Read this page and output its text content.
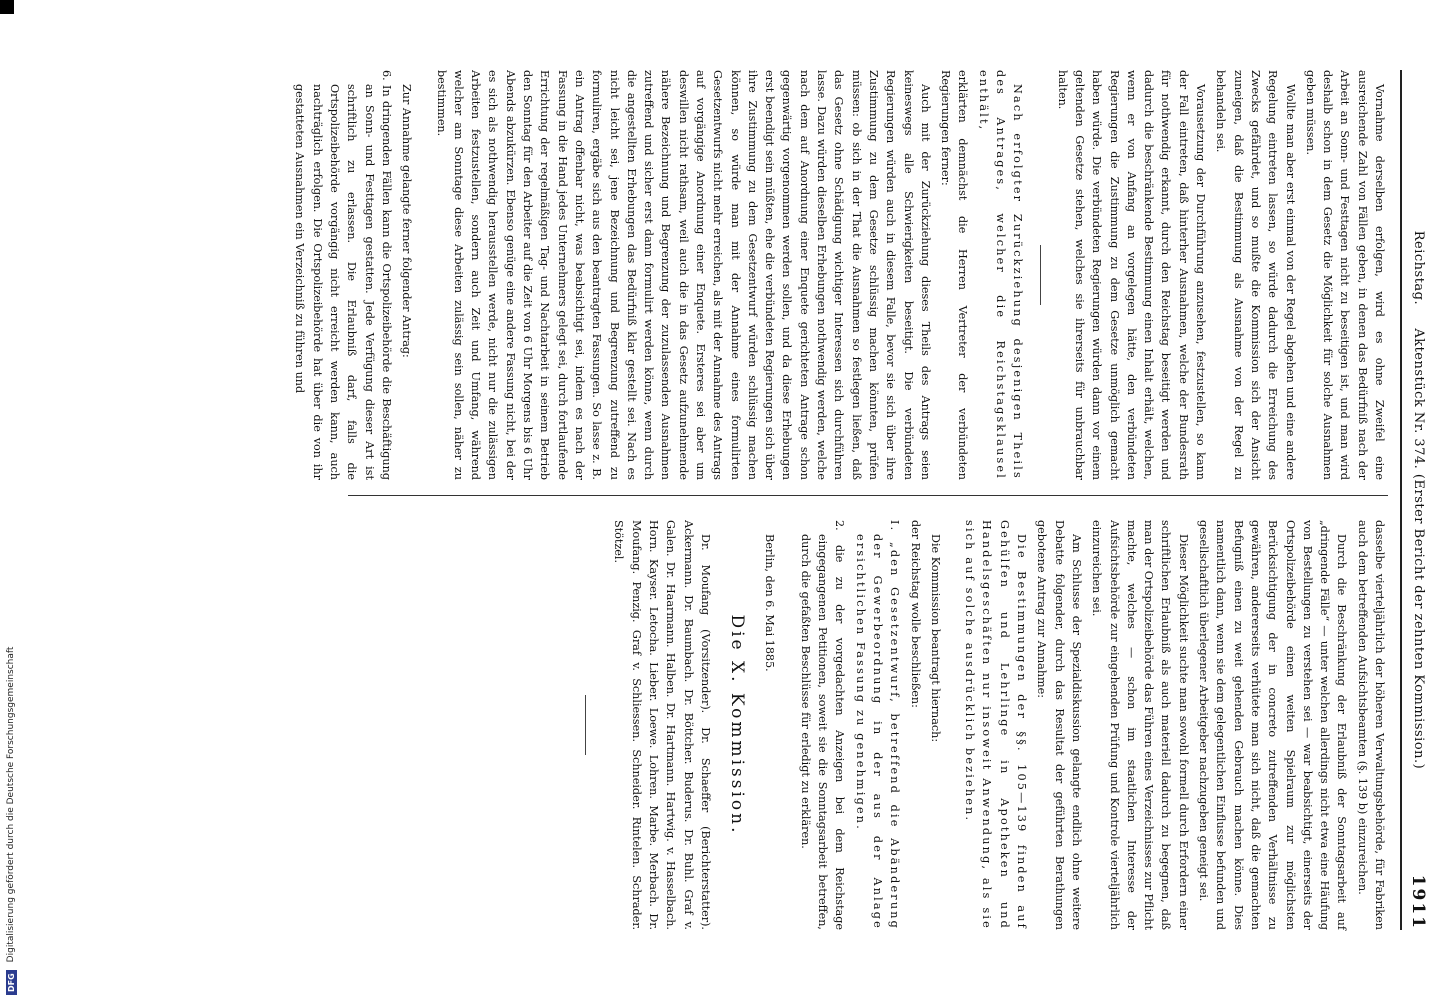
DFG
Digitalisierung gefördert durch die Deutsche Forschungsgemeinschaft
Reichstag.     Aktenstück Nr. 374. (Erster Bericht der zehnten Kommission.)
1911

Vornahme derselben erfolgen, wird es ohne Zweifel eine ausreichende Zahl von Fällen geben, in denen das Bedürfniß nach der Arbeit an Sonn- und Festtagen nicht zu beseitigen ist, und man wird deshalb schon in dem Gesetz die Möglichkeit für solche Ausnahmen geben müssen.

Wollte man aber erst einmal von der Regel abgehen und eine andere Regelung eintreten lassen, so würde dadurch die Erreichung des Zwecks gefährdet, und so mußte die Kommission sich der Ansicht zuneigen, daß die Bestimmung als Ausnahme von der Regel zu behandeln sei.

Vorausetzung der Durchführung anzusehen, festzustellen, so kann der Fall eintreten, daß hinterher Ausnahmen, welche der Bundesrath für nothwendig erkannt, durch den Reichstag beseitigt werden und dadurch die beschränkende Bestimmung einen Inhalt erhält, welchen, wenn er von Anfang an vorgelegen hätte, den verbündeten Regierungen die Zustimmung zu dem Gesetze unmöglich gemacht haben würde. Die verbündeten Regierungen würden dann vor einem geltenden Gesetze stehen, welches sie ihrerseits für unbrauchbar halten.

Nach erfolgter Zurückziehung desjenigen Theils des Antrages, welcher die Reichstagsklausel enthält,

erklärten demnächst die Herren Vertreter der verbündeten Regierungen ferner:

Auch mit der Zurückziehung dieses Theils des Antrags seien keineswegs alle Schwierigkeiten beseitigt. Die verbündeten Regierungen würden auch in diesem Falle, bevor sie sich über ihre Zustimmung zu dem Gesetze schlüssig machen könnten, prüfen müssen: ob sich in der That die Ausnahmen so festlegen ließen, daß das Gesetz ohne Schädigung wichtiger Interessen sich durchführen lasse. Dazu würden dieselben Erhebungen nothwendig werden, welche nach dem auf Anordnung einer Enquete gerichteten Antrage schon gegenwärtig vorgenommen werden sollen, und da diese Erhebungen erst beendigt sein müßten, ehe die verbündeten Regierungen sich über ihre Zustimmung zu dem Gesetzentwurf würden schlüssig machen können, so würde man mit der Annahme eines formulirten Gesetzentwurfs nicht mehr erreichen, als mit der Annahme des Antrags auf vorgängige Anordnung einer Enquete. Ersteres sei aber um deswillen nicht rathsam, weil auch die in das Gesetz aufzunehmende nähere Bezeichnung und Begrenzung der zuzulassenden Ausnahmen zutreffend und sicher erst dann formulirt werden könne, wenn durch die angestellten Erhebungen das Bedürfniß klar gestellt sei. Nach es nicht leicht sei, jene Bezeichnung und Begrenzung zutreffend zu formuliren, ergäbe sich aus den beantragten Fassungen. So lasse z. B. ein Antrag offenbar nicht, was beabsichtigt sei, indem es nach der Fassung in die Hand jedes Unternehmers gelegt sei, durch fortlaufende Errichtung der regelmäßigen Tag- und Nachtarbeit in seinem Betrieb den Sonntag für den Arbeiter auf die Zeit von 6 Uhr Morgens bis 6 Uhr Abends abzukürzen. Ebenso genüge eine andere Fassung nicht, bei der es sich als nothwendig herausstellen werde, nicht nur die zulässigen Arbeiten festzustellen, sondern auch Zeit und Umfang, während welcher am Sonntage diese Arbeiten zulässig sein sollen, näher zu bestimmen.

Zur Annahme gelangte ferner folgender Antrag:

6. In dringenden Fällen kann die Ortspolizeibehörde die Beschäftigung an Sonn- und Festtagen gestatten. Jede Verfügung dieser Art ist schriftlich zu erlassen. Die Erlaubniß darf, falls die Ortspolizeibehörde vorgängig nicht erreicht werden kann, auch nachträglich erfolgen. Die Ortspolizeibehörde hat über die von ihr gestatteten Ausnahmen ein Verzeichniß zu führen und

dasselbe vierteljährlich der höheren Verwaltungsbehörde, für Fabriken auch dem betreffenden Aufsichtsbeamten (§. 139 b) einzureichen.

Durch die Beschränkung der Erlaubniß der Sonntagsarbeit auf „dringende Fälle“ — unter welchen allerdings nicht etwa eine Häufung von Bestellungen zu verstehen sei — war beabsichtigt, einerseits der Ortspolizeibehörde einen weiten Spielraum zur möglichsten Berücksichtigung der in concreto zutreffenden Verhältnisse zu gewähren, andererseits verhütete man sich nicht, daß die gemachten Befugniß einen zu weit gehenden Gebrauch machen könne. Dies namentlich dann, wenn sie dem gelegentlichen Einflusse befunden und gesellschaftlich überlegener Arbeitgeber nachzugeben geneigt sei.

Dieser Möglichkeit suchte man sowohl formell durch Erfordern einer schriftlichen Erlaubniß als auch materiell dadurch zu begegnen, daß man der Ortspolizeibehörde das Führen eines Verzeichnisses zur Pflicht machte, welches — schon im staatlichen Interesse der Aufsichtsbehörde zur eingehenden Prüfung und Kontrole vierteljährlich einzureichen sei.

Am Schlusse der Spezialdiskussion gelangte endlich ohne weitere Debatte folgender, durch das Resultat der geführten Berathungen gebotene Antrag zur Annahme:

Die Bestimmungen der §§. 105—139 finden auf Gehülfen und Lehrlinge in Apotheken und Handelsgeschäften nur insoweit Anwendung, als sie sich auf solche ausdrücklich beziehen.

Die Kommission beantragt hiernach:

der Reichstag wolle beschließen:

I. „den Gesetzentwurf, betreffend die Abänderung der Gewerbeordnung in der aus der Anlage ersichtlichen Fassung zu genehmigen.

2. die zu der vorgedachten Anzeigen bei dem Reichstage eingegangenen Petitionen, soweit sie die Sonntagsarbeit betreffen, durch die gefaßten Beschlüsse für erledigt zu erklären.

Berlin, den 6. Mai 1885.

Die X. Kommission.

Dr. Moufang (Vorsitzender). Dr. Schaeffer (Berichterstatter). Ackermann. Dr. Baumbach. Dr. Böttcher. Buderus. Dr. Buhl. Graf v. Galen. Dr. Haarmann. Halben. Dr. Hartmann. Hartwig. v. Hasselbach. Horn. Kayser. Letocha. Lieber. Loewe. Lohren. Marbe. Merbach. Dr. Moufang. Penzig. Graf v. Schliessen. Schneider. Rintelen. Schrader. Stötzel.
